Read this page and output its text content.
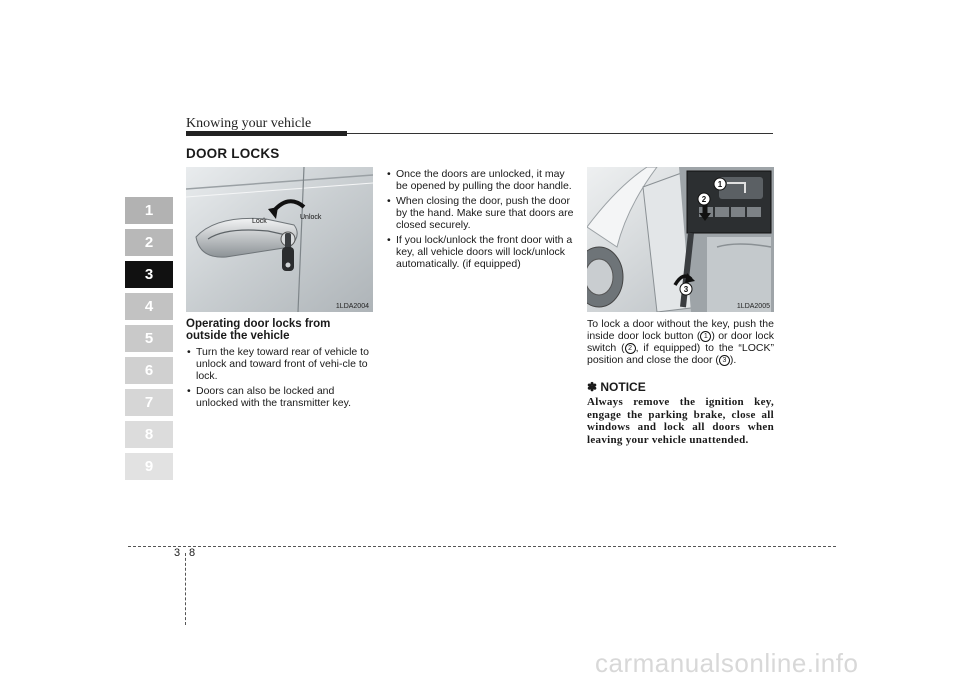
Knowing your vehicle
DOOR LOCKS
1
2
3
4
5
6
7
8
9
Lock
Unlock
1LDA2004
Operating door locks from outside the vehicle
• Turn the key toward rear of vehicle to unlock and toward front of vehi-cle to lock.
• Doors can also be locked and unlocked with the transmitter key.
• Once the doors are unlocked, it may be opened by pulling the door handle.
• When closing the door, push the door by the hand. Make sure that doors are closed securely.
• If you lock/unlock the front door with a key, all vehicle doors will lock/unlock automatically. (if equipped)
1
2
3
1LDA2005
To lock a door without the key, push the inside door lock button ( 1 ) or door lock switch ( 2 , if equipped) to the “LOCK” position and close the door ( 3 ).
✽ NOTICE
Always remove the ignition key, engage the parking brake, close all windows and lock all doors when leaving your vehicle unattended.
3 8
carmanualsonline.info
